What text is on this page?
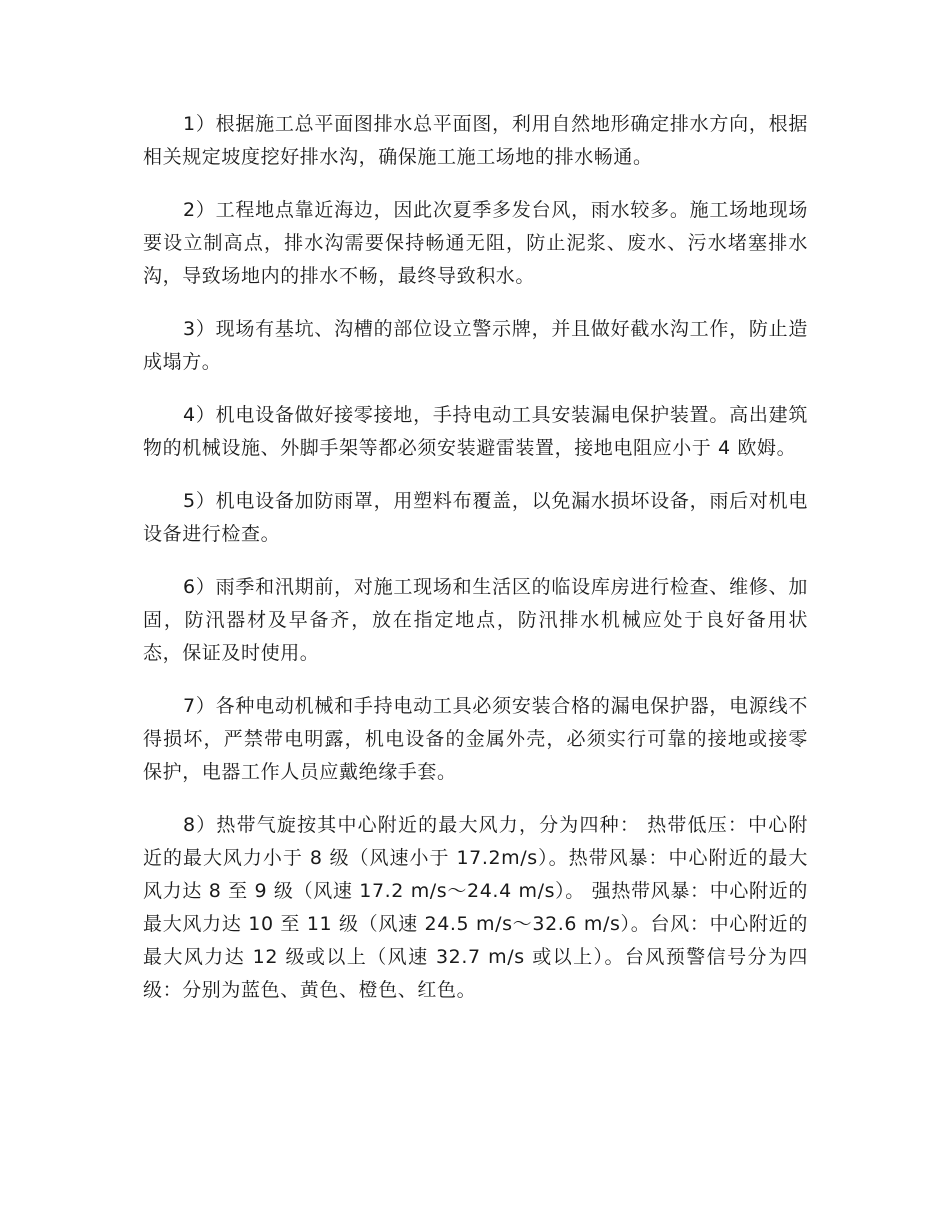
1）根据施工总平面图排水总平面图，利用自然地形确定排水方向，根据相关规定坡度挖好排水沟，确保施工施工场地的排水畅通。

2）工程地点靠近海边，因此次夏季多发台风，雨水较多。施工场地现场要设立制高点，排水沟需要保持畅通无阻，防止泥浆、废水、污水堵塞排水沟，导致场地内的排水不畅，最终导致积水。

3）现场有基坑、沟槽的部位设立警示牌，并且做好截水沟工作，防止造成塌方。

4）机电设备做好接零接地，手持电动工具安装漏电保护装置。高出建筑物的机械设施、外脚手架等都必须安装避雷装置，接地电阻应小于 4 欧姆。

5）机电设备加防雨罩，用塑料布覆盖，以免漏水损坏设备，雨后对机电设备进行检查。

6）雨季和汛期前，对施工现场和生活区的临设库房进行检查、维修、加固，防汛器材及早备齐，放在指定地点，防汛排水机械应处于良好备用状态，保证及时使用。

7）各种电动机械和手持电动工具必须安装合格的漏电保护器，电源线不得损坏，严禁带电明露，机电设备的金属外壳，必须实行可靠的接地或接零保护，电器工作人员应戴绝缘手套。

8）热带气旋按其中心附近的最大风力，分为四种： 热带低压：中心附近的最大风力小于 8 级（风速小于 17.2m/s）。热带风暴：中心附近的最大风力达 8 至 9 级（风速 17.2 m/s～24.4 m/s）。 强热带风暴：中心附近的最大风力达 10 至 11 级（风速 24.5 m/s～32.6 m/s）。台风：中心附近的最大风力达 12 级或以上（风速 32.7 m/s 或以上）。台风预警信号分为四级：分别为蓝色、黄色、橙色、红色。
